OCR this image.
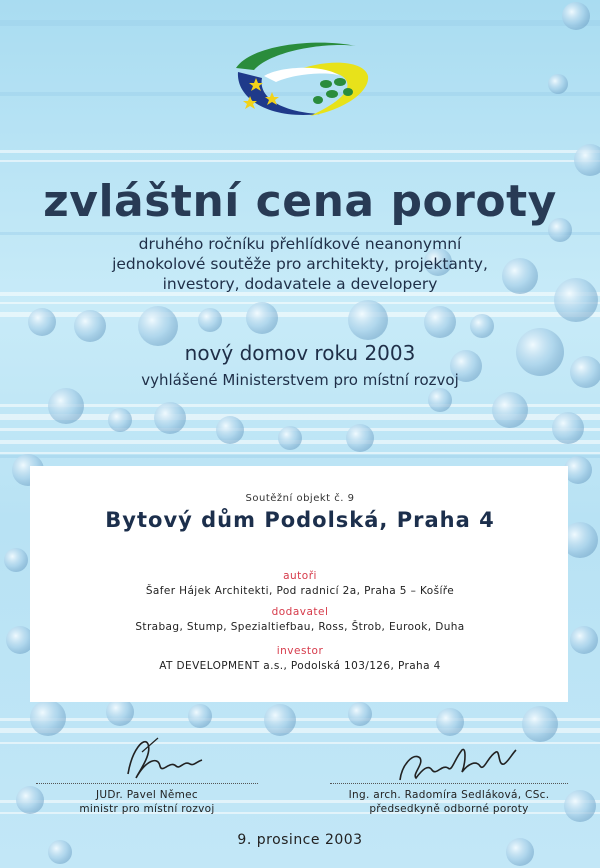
zvláštní cena poroty
druhého ročníku přehlídkové neanonymní
jednokolové soutěže pro architekty, projektanty,
investory, dodavatele a developery
nový domov roku 2003
vyhlášené Ministerstvem pro místní rozvoj
Soutěžní objekt č. 9
Bytový dům Podolská, Praha 4
autoři
Šafer Hájek Architekti, Pod radnicí 2a, Praha 5 – Košíře
dodavatel
Strabag, Stump, Spezialtiefbau, Ross, Štrob, Eurook, Duha
investor
AT DEVELOPMENT a.s., Podolská 103/126, Praha 4
JUDr. Pavel Němec
ministr pro místní rozvoj
Ing. arch. Radomíra Sedláková, CSc.
předsedkyně odborné poroty
9. prosince 2003
